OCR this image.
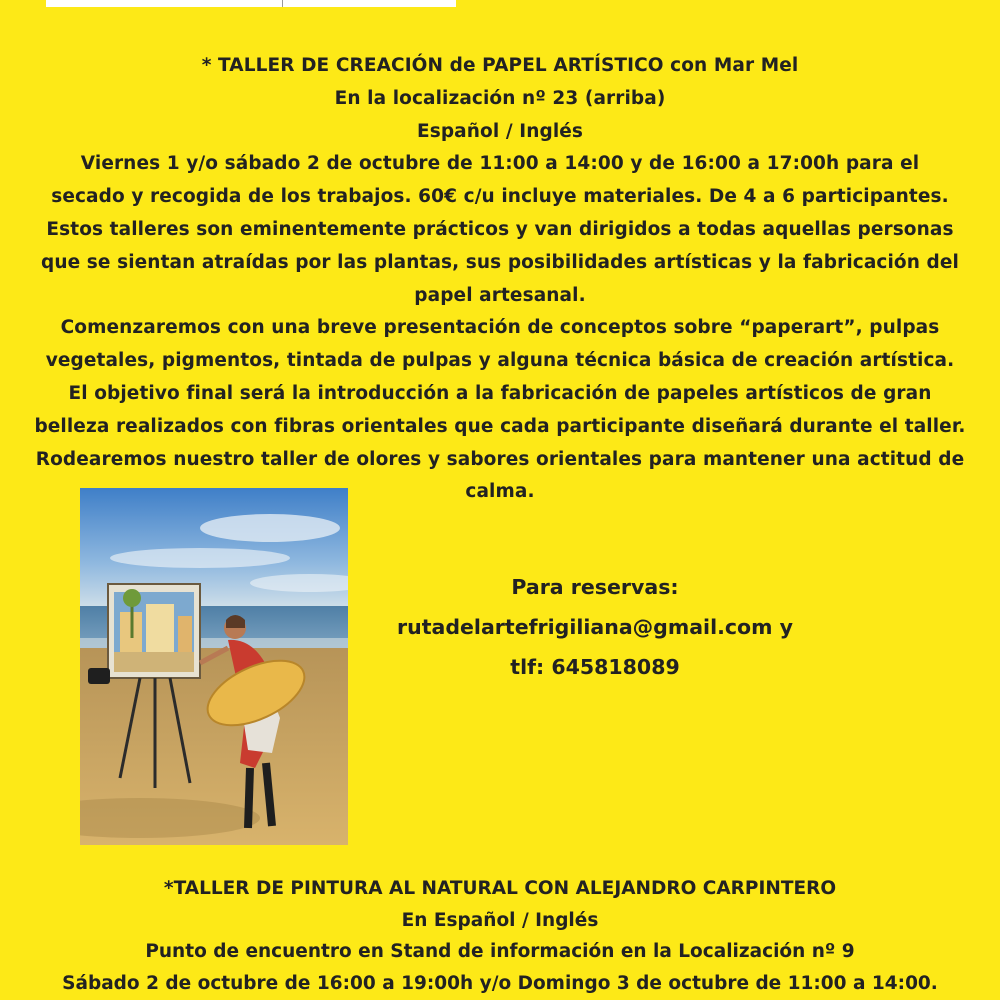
* TALLER DE CREACIÓN de PAPEL ARTÍSTICO con Mar Mel
En la localización nº 23 (arriba)
Español / Inglés
Viernes 1 y/o sábado 2 de octubre de 11:00 a 14:00 y de 16:00 a 17:00h para el
secado y recogida de los trabajos. 60€ c/u incluye materiales. De 4 a 6 participantes.
Estos talleres son eminentemente prácticos y van dirigidos a todas aquellas personas
que se sientan atraídas por las plantas, sus posibilidades artísticas y la fabricación del
papel artesanal.
Comenzaremos con una breve presentación de conceptos sobre “paperart”, pulpas
vegetales, pigmentos, tintada de pulpas y alguna técnica básica de creación artística.
El objetivo final será la introducción a la fabricación de papeles artísticos de gran
belleza realizados con fibras orientales que cada participante diseñará durante el taller.
Rodearemos nuestro taller de olores y sabores orientales para mantener una actitud de
calma.
Para reservas:
rutadelartefrigiliana@gmail.com y
tlf: 645818089
*TALLER DE PINTURA AL NATURAL CON ALEJANDRO CARPINTERO
En Español / Inglés
Punto de encuentro en Stand de información en la Localización nº 9
Sábado 2 de octubre de 16:00 a 19:00h y/o Domingo 3 de octubre de 11:00 a 14:00.
